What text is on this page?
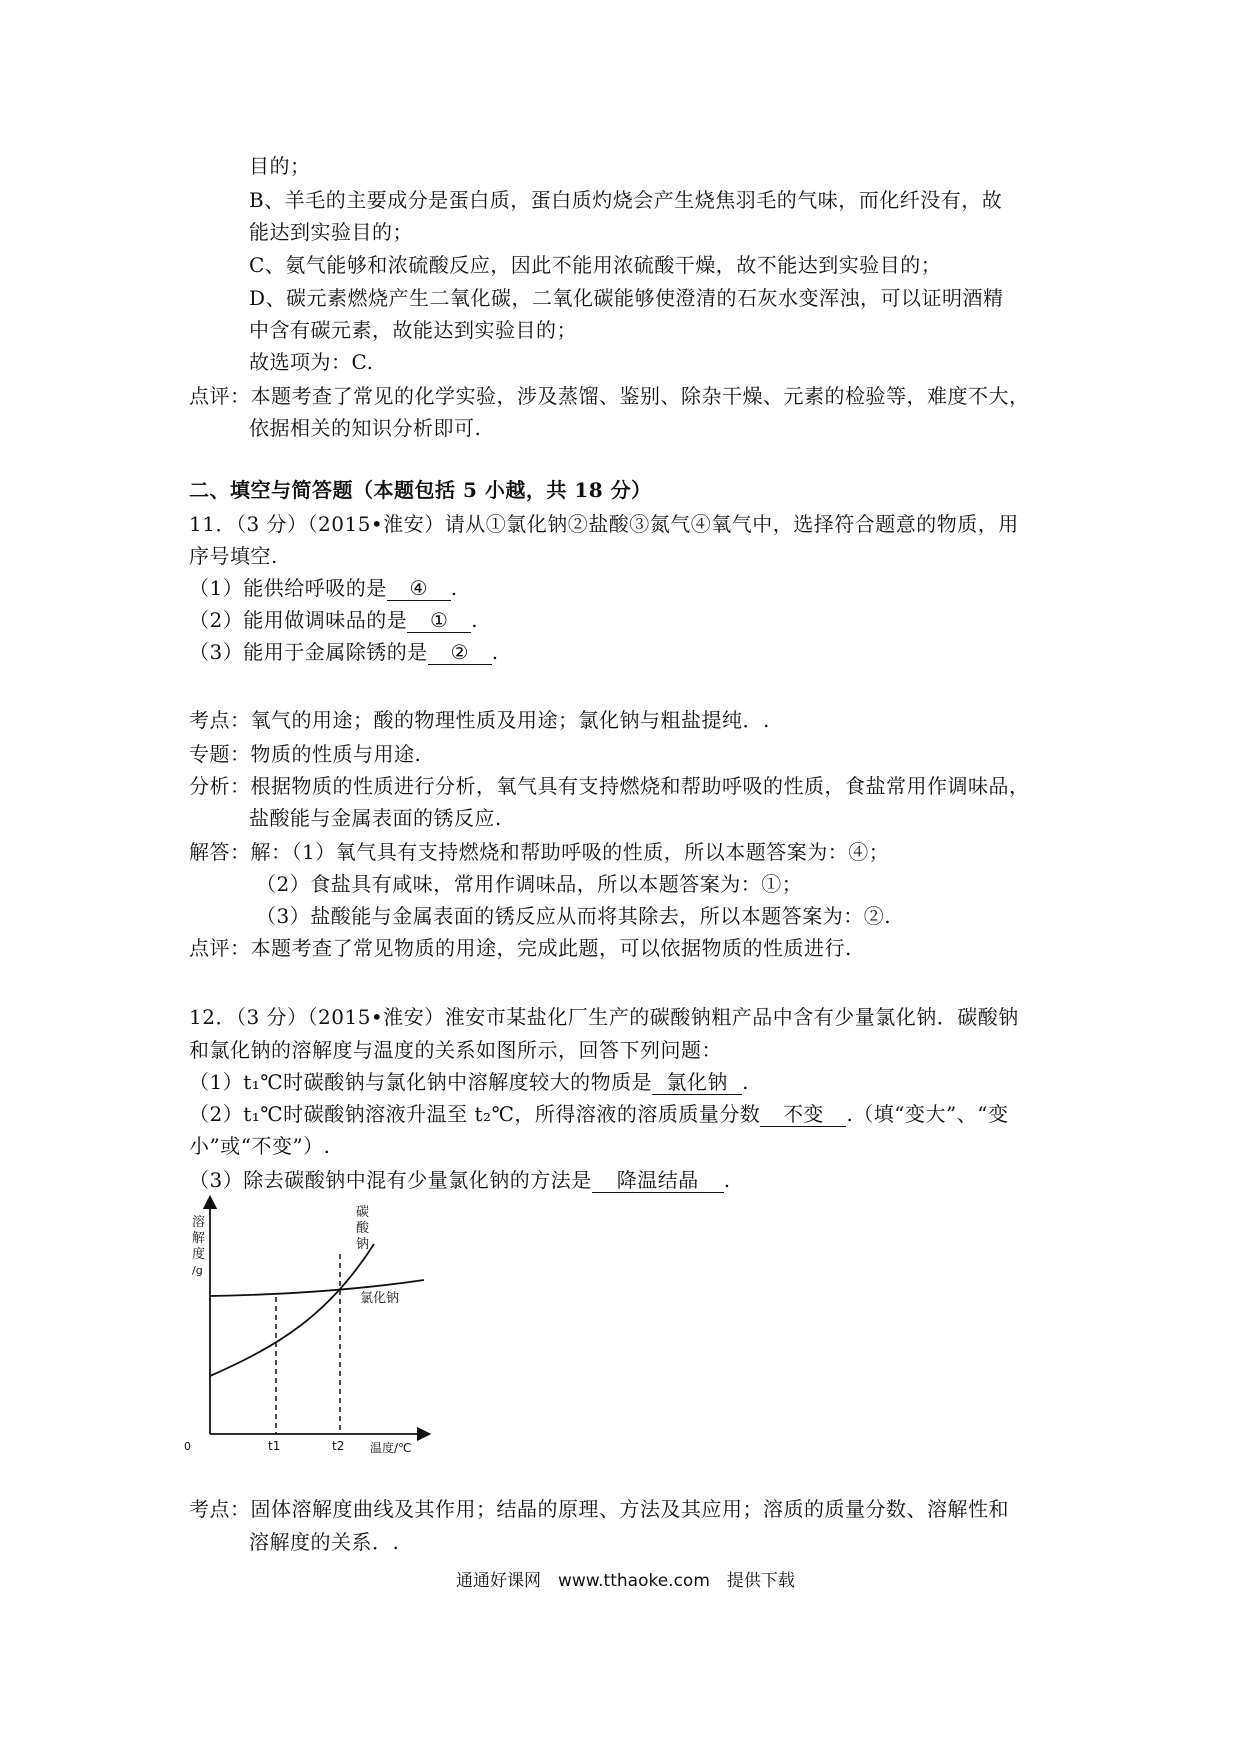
目的；
B、羊毛的主要成分是蛋白质，蛋白质灼烧会产生烧焦羽毛的气味，而化纤没有，故
能达到实验目的；
C、氨气能够和浓硫酸反应，因此不能用浓硫酸干燥，故不能达到实验目的；
D、碳元素燃烧产生二氧化碳，二氧化碳能够使澄清的石灰水变浑浊，可以证明酒精
中含有碳元素，故能达到实验目的；
故选项为：C.
点评：本题考查了常见的化学实验，涉及蒸馏、鉴别、除杂干燥、元素的检验等，难度不大，
依据相关的知识分析即可.
二、填空与简答题（本题包括 5 小越，共 18 分）
11．（3 分）（2015•淮安）请从①氯化钠②盐酸③氮气④氧气中，选择符合题意的物质，用
序号填空.
（1）能供给呼吸的是 ④ .
（2）能用做调味品的是 ① .
（3）能用于金属除锈的是 ② .
考点：氧气的用途；酸的物理性质及用途；氯化钠与粗盐提纯．.
专题：物质的性质与用途.
分析：根据物质的性质进行分析，氧气具有支持燃烧和帮助呼吸的性质，食盐常用作调味品，
盐酸能与金属表面的锈反应.
解答：解：（1）氧气具有支持燃烧和帮助呼吸的性质，所以本题答案为：④；
（2）食盐具有咸味，常用作调味品，所以本题答案为：①；
（3）盐酸能与金属表面的锈反应从而将其除去，所以本题答案为：②.
点评：本题考查了常见物质的用途，完成此题，可以依据物质的性质进行.
12．（3 分）（2015•淮安）淮安市某盐化厂生产的碳酸钠粗产品中含有少量氯化钠．碳酸钠
和氯化钠的溶解度与温度的关系如图所示，回答下列问题：
（1）t₁℃时碳酸钠与氯化钠中溶解度较大的物质是 氯化钠 .
（2）t₁℃时碳酸钠溶液升温至 t₂℃，所得溶液的溶质质量分数 不变 .（填“变大”、“变
小”或“不变”）.
（3）除去碳酸钠中混有少量氯化钠的方法是 降温结晶 .
溶
解
度
/g
碳
酸
钠
氯化钠
0	t1	t2 温度/℃
考点：固体溶解度曲线及其作用；结晶的原理、方法及其应用；溶质的质量分数、溶解性和
溶解度的关系．.
通通好课网　www.tthaoke.com　提供下载
